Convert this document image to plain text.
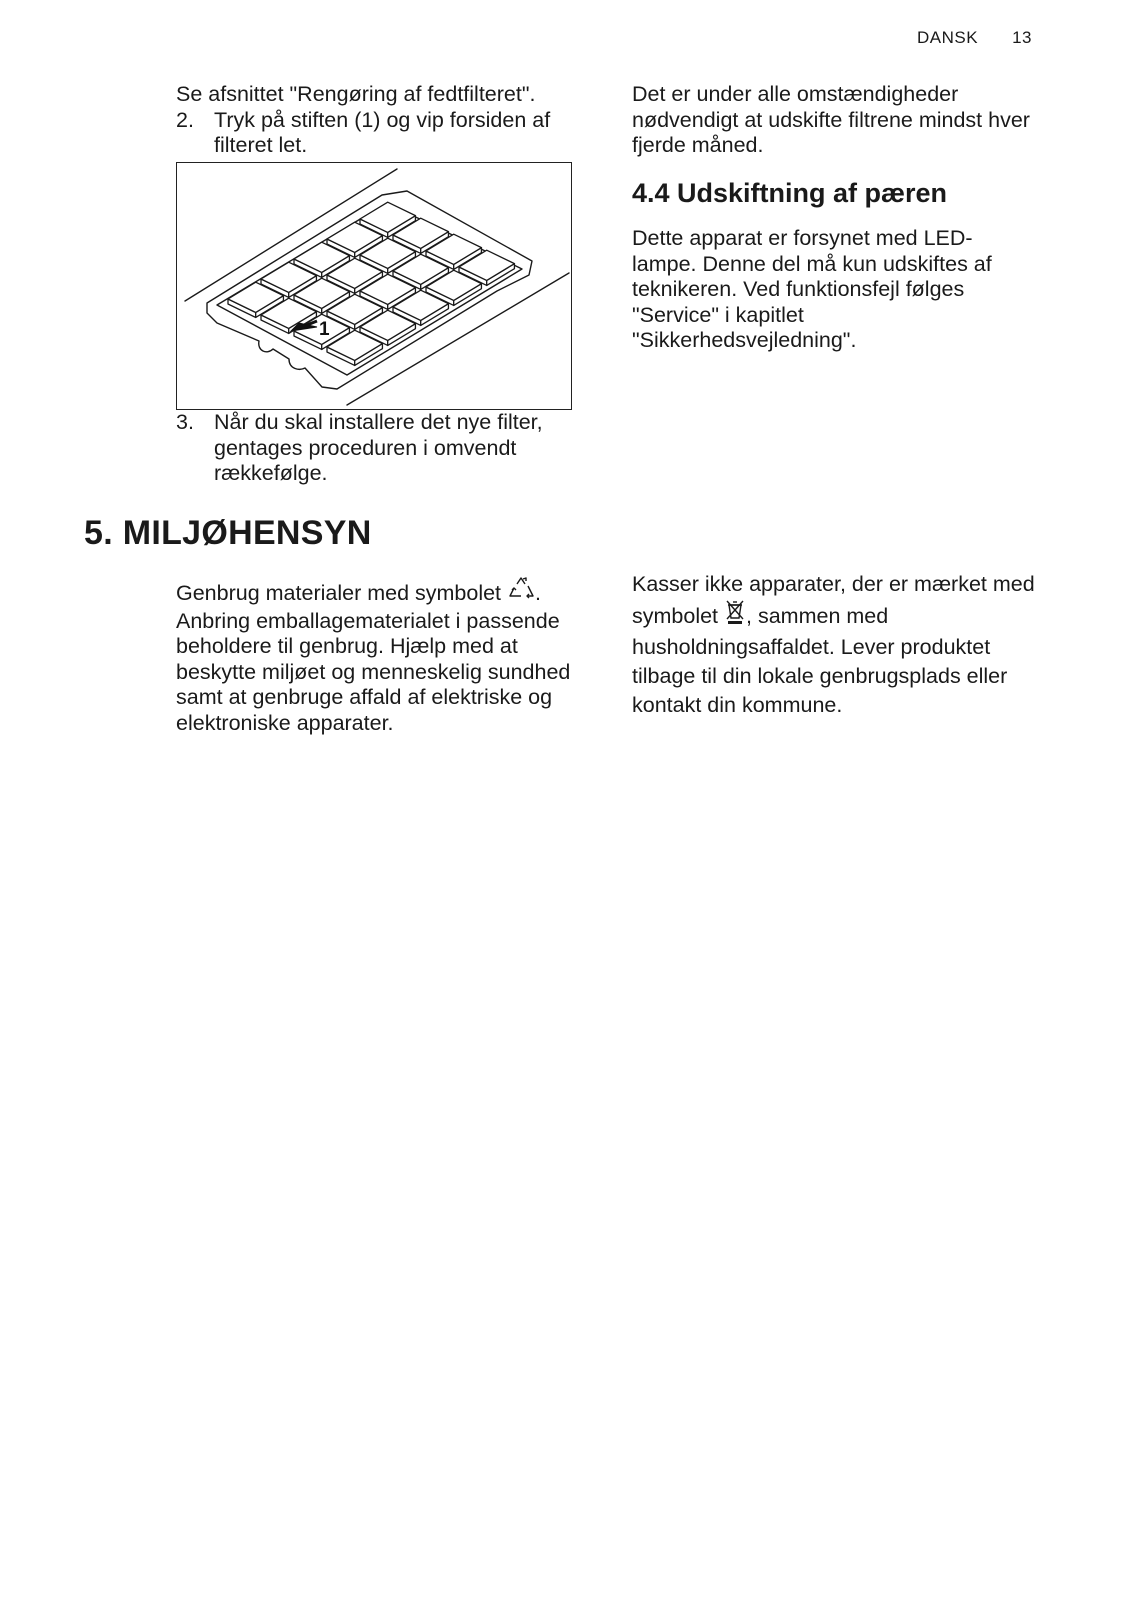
DANSK 13

Se afsnittet "Rengøring af fedtfilteret".

2. Tryk på stiften (1) og vip forsiden af filteret let.
1
3. Når du skal installere det nye filter, gentages proceduren i omvendt rækkefølge.

Det er under alle omstændigheder nødvendigt at udskifte filtrene mindst hver fjerde måned.

4.4 Udskiftning af pæren

Dette apparat er forsynet med LED-lampe. Denne del må kun udskiftes af teknikeren. Ved funktionsfejl følges "Service" i kapitlet "Sikkerhedsvejledning".

5. MILJØHENSYN

Genbrug materialer med symbolet . Anbring emballagematerialet i passende beholdere til genbrug. Hjælp med at beskytte miljøet og menneskelig sundhed samt at genbruge affald af elektriske og elektroniske apparater.

Kasser ikke apparater, der er mærket med symbolet , sammen med husholdningsaffaldet. Lever produktet tilbage til din lokale genbrugsplads eller kontakt din kommune.
